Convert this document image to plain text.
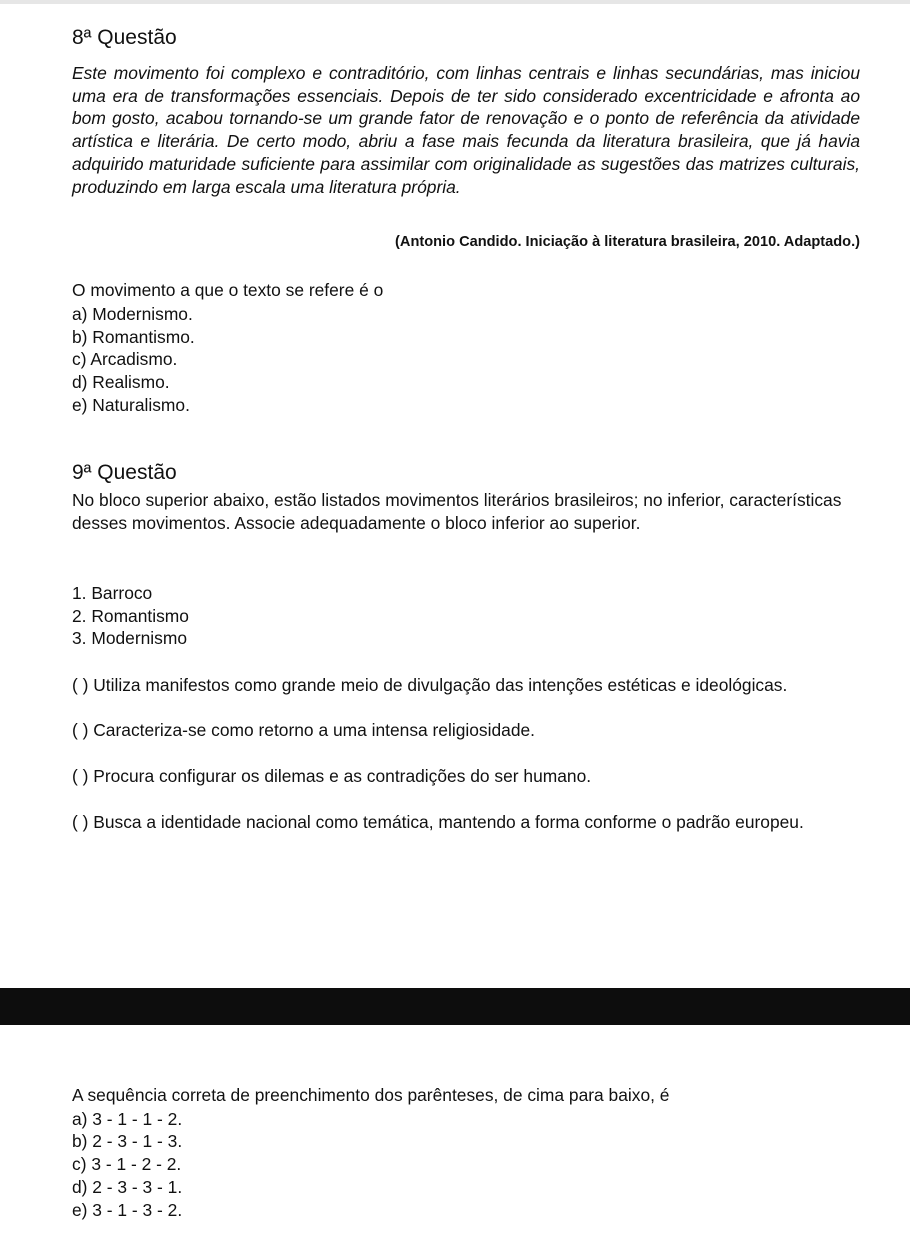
8ª Questão

Este movimento foi complexo e contraditório, com linhas centrais e linhas secundárias, mas iniciou uma era de transformações essenciais. Depois de ter sido considerado excentricidade e afronta ao bom gosto, acabou tornando-se um grande fator de renovação e o ponto de referência da atividade artística e literária. De certo modo, abriu a fase mais fecunda da literatura brasileira, que já havia adquirido maturidade suficiente para assimilar com originalidade as sugestões das matrizes culturais, produzindo em larga escala uma literatura própria.

(Antonio Candido. Iniciação à literatura brasileira, 2010. Adaptado.)

O movimento a que o texto se refere é o
a) Modernismo.
b) Romantismo.
c) Arcadismo.
d) Realismo.
e) Naturalismo.
9ª Questão

No bloco superior abaixo, estão listados movimentos literários brasileiros; no inferior, características desses movimentos. Associe adequadamente o bloco inferior ao superior.

1. Barroco
2. Romantismo
3. Modernismo

( ) Utiliza manifestos como grande meio de divulgação das intenções estéticas e ideológicas.

( ) Caracteriza-se como retorno a uma intensa religiosidade.

( ) Procura configurar os dilemas e as contradições do ser humano.

( ) Busca a identidade nacional como temática, mantendo a forma conforme o padrão europeu.

A sequência correta de preenchimento dos parênteses, de cima para baixo, é
a) 3 - 1 - 1 - 2.
b) 2 - 3 - 1 - 3.
c) 3 - 1 - 2 - 2.
d) 2 - 3 - 3 - 1.
e) 3 - 1 - 3 - 2.
